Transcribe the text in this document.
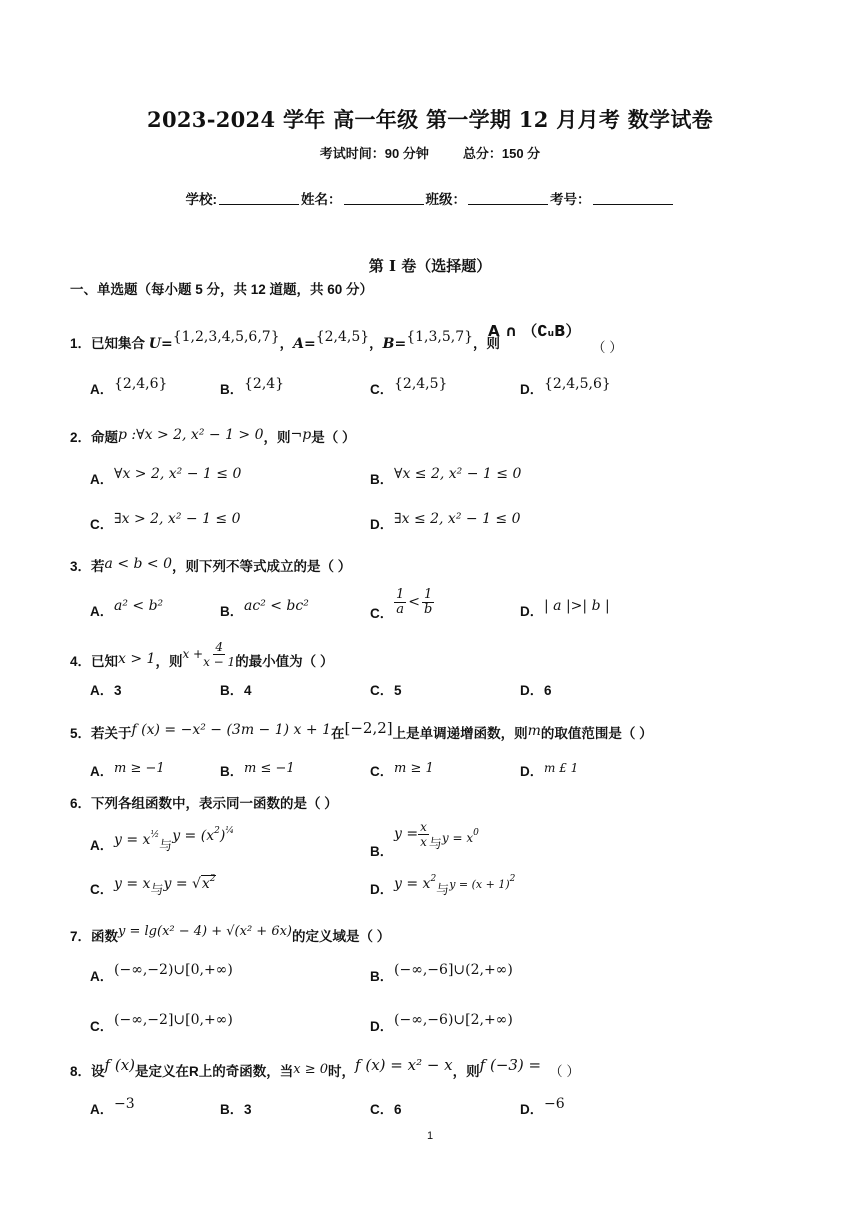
2023-2024 学年 高一年级 第一学期 12 月月考 数学试卷
考试时间：90 分钟	总分：150 分
学校:	姓名：	班级：	考号：
第 I 卷（选择题）
一、单选题（每小题 5 分，共 12 道题，共 60 分）
1．已知集合 U={1,2,3,4,5,6,7}，A={2,4,5}，B={1,3,5,7}，则
A ∩ （∁uB）
（ ）
A．{2,4,6}	B．{2,4}	C．{2,4,5}	D．{2,4,5,6}
2．命题p :∀x > 2, x² − 1 > 0，则¬p是（ ）
A．∀x > 2, x² − 1 ≤ 0	B．∀x ≤ 2, x² − 1 ≤ 0
C．∃x > 2, x² − 1 ≤ 0	D．∃x ≤ 2, x² − 1 ≤ 0
3．若a < b < 0，则下列不等式成立的是（ ）
A．a² < b²	B．ac² < bc²	C． $\frac{1}{a} < \frac{1}{b}$	D．| a |>| b |
4．已知x > 1，则$x + \frac{4}{x - 1}$ 的最小值为（ ）
A．3	B．4	C．5	D．6
5．若关于f (x) = −x² − (3m − 1) x + 1在[−2,2]上是单调递增函数，则m的取值范围是（ ）
A．m ≥ −1	B．m ≤ −1	C．m ≥ 1	D．m £ 1
6．下列各组函数中，表示同一函数的是（ ）
A．$y = x^{\frac{1}{2}}$与$y = (x^2)^{\frac{1}{4}}$
B．$y = \frac{x}{x}$ 与$y = x^0$
C．y = x与$y = √x^2$
D．$y = x^2$与$y = (x + 1)^2$
7．函数y = lg(x² − 4) + √(x² + 6x)的定义域是（ ）
A．(−∞,−2)∪[0,+∞)	B．(−∞,−6]∪(2,+∞)
C．(−∞,−2]∪[0,+∞)	D．(−∞,−6)∪[2,+∞)
8．设f (x)是定义在R上的奇函数，当x ≥ 0时，f (x) = x² − x，则f (−3) = （ ）
A．−3	B．3	C．6	D．−6
1
